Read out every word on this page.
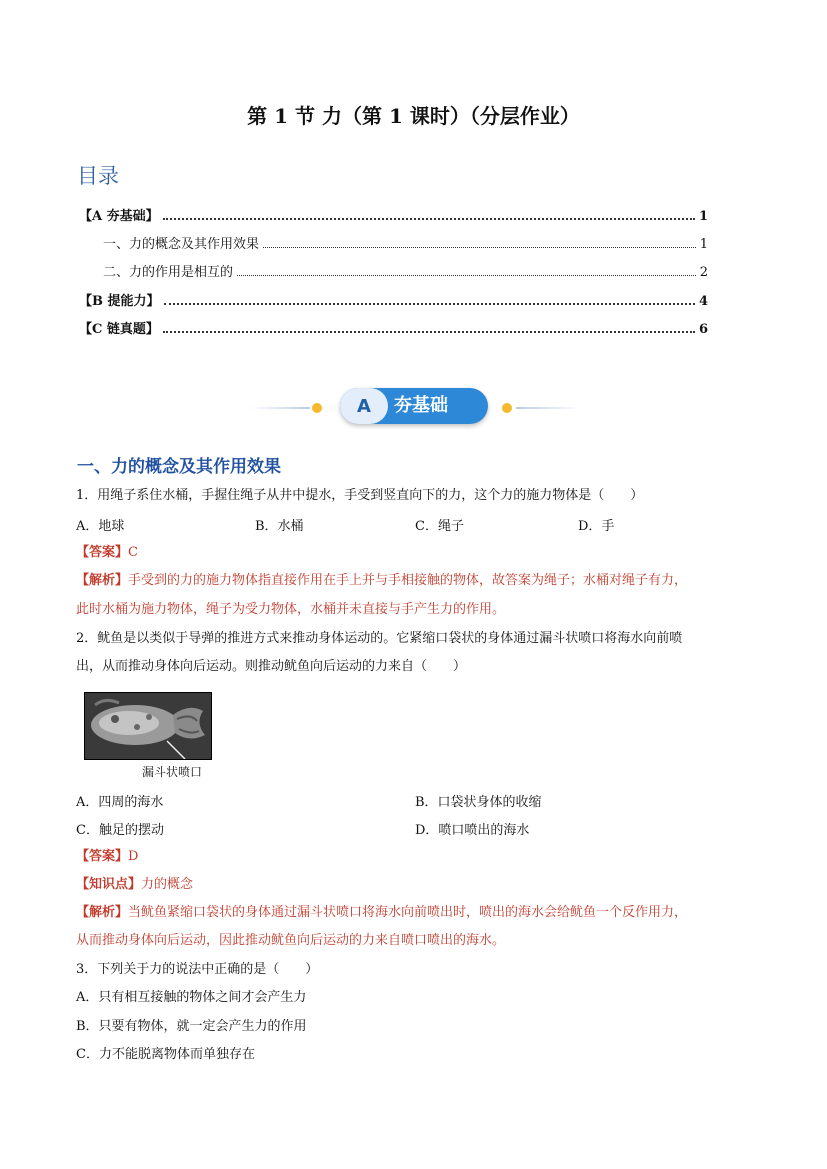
第 1 节 力（第 1 课时）（分层作业）
目录
【A 夯基础】	1
一、力的概念及其作用效果	1
二、力的作用是相互的	2
【B 提能力】	4
【C 链真题】	6
A	夯基础
一、力的概念及其作用效果
1．用绳子系住水桶，手握住绳子从井中提水，手受到竖直向下的力，这个力的施力物体是（　　）
A．地球	B．水桶	C．绳子	D．手
【答案】C
【解析】手受到的力的施力物体指直接作用在手上并与手相接触的物体，故答案为绳子；水桶对绳子有力，
此时水桶为施力物体，绳子为受力物体，水桶并未直接与手产生力的作用。
2．鱿鱼是以类似于导弹的推进方式来推动身体运动的。它紧缩口袋状的身体通过漏斗状喷口将海水向前喷
出，从而推动身体向后运动。则推动鱿鱼向后运动的力来自（　　）
漏斗状喷口
A．四周的海水	B．口袋状身体的收缩
C．触足的摆动	D．喷口喷出的海水
【答案】D
【知识点】力的概念
【解析】当鱿鱼紧缩口袋状的身体通过漏斗状喷口将海水向前喷出时，喷出的海水会给鱿鱼一个反作用力，
从而推动身体向后运动，因此推动鱿鱼向后运动的力来自喷口喷出的海水。
3．下列关于力的说法中正确的是（　　）
A．只有相互接触的物体之间才会产生力
B．只要有物体，就一定会产生力的作用
C．力不能脱离物体而单独存在
